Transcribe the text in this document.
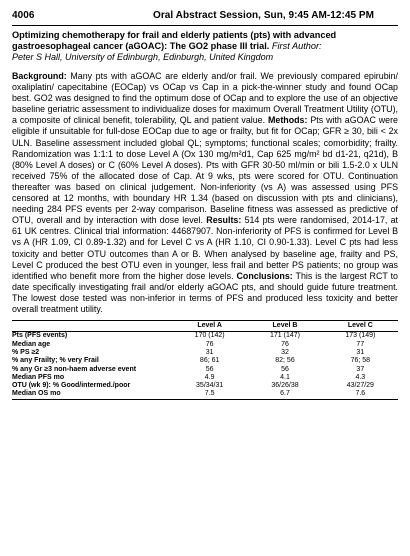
4006	Oral Abstract Session, Sun, 9:45 AM-12:45 PM
Optimizing chemotherapy for frail and elderly patients (pts) with advanced gastroesophageal cancer (aGOAC): The GO2 phase III trial. First Author:
Peter S Hall, University of Edinburgh, Edinburgh, United Kingdom
Background: Many pts with aGOAC are elderly and/or frail. We previously compared epirubin/ oxaliplatin/ capecitabine (EOCap) vs OCap vs Cap in a pick-the-winner study and found OCap best. GO2 was designed to find the optimum dose of OCap and to explore the use of an objective baseline geriatric assessment to individualize doses for maximum Overall Treatment Utility (OTU), a composite of clinical benefit, tolerability, QL and patient value. Methods: Pts with aGOAC were eligible if unsuitable for full-dose EOCap due to age or frailty, but fit for OCap; GFR ≥ 30, bili < 2x ULN. Baseline assessment included global QL; symptoms; functional scales; comorbidity; frailty. Randomization was 1:1:1 to dose Level A (Ox 130 mg/m²d1, Cap 625 mg/m² bd d1-21, q21d), B (80% Level A doses) or C (60% Level A doses). Pts with GFR 30-50 ml/min or bili 1.5-2.0 x ULN received 75% of the allocated dose of Cap. At 9 wks, pts were scored for OTU. Continuation thereafter was based on clinical judgement. Non-inferiority (vs A) was assessed using PFS censored at 12 months, with boundary HR 1.34 (based on discussion with pts and clinicians), needing 284 PFS events per 2-way comparison. Baseline fitness was assessed as predictive of OTU, overall and by interaction with dose level. Results: 514 pts were randomised, 2014-17, at 61 UK centres. Clinical trial information: 44687907. Non-inferiority of PFS is confirmed for Level B vs A (HR 1.09, CI 0.89-1.32) and for Level C vs A (HR 1.10, CI 0.90-1.33). Level C pts had less toxicity and better OTU outcomes than A or B. When analysed by baseline age, frailty and PS, Level C produced the best OTU even in younger, less frail and better PS patients; no group was identified who benefit more from the higher dose levels. Conclusions: This is the largest RCT to date specifically investigating frail and/or elderly aGOAC pts, and should guide future treatment. The lowest dose tested was non-inferior in terms of PFS and produced less toxicity and better overall treatment utility.
	Level A	Level B	Level C
Pts (PFS events)	170 (142)	171 (147)	173 (149)
Median age	76	76	77
% PS ≥2	31	32	31
% any Frailty; % very Frail	86; 61	82; 56	76; 58
% any Gr ≥3 non-haem adverse event	56	56	37
Median PFS mo	4.9	4.1	4.3
OTU (wk 9): % Good/intermed./poor	35/34/31	36/26/38	43/27/29
Median OS mo	7.5	6.7	7.6
